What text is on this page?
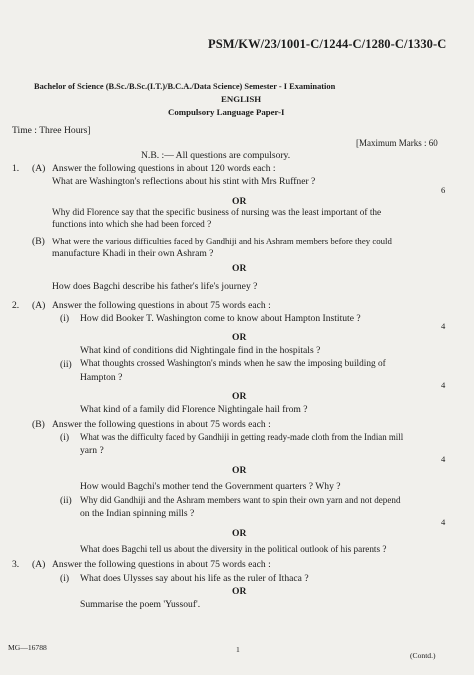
PSM/KW/23/1001-C/1244-C/1280-C/1330-C
Bachelor of Science (B.Sc./B.Sc.(I.T.)/B.C.A./Data Science) Semester - I Examination
ENGLISH
Compulsory Language Paper-I
Time : Three Hours]
[Maximum Marks : 60
N.B. :— All questions are compulsory.
1. (A) Answer the following questions in about 120 words each :
What are Washington's reflections about his stint with Mrs Ruffner ?
6
OR
Why did Florence say that the specific business of nursing was the least important of the
functions into which she had been forced ?
(B) What were the various difficulties faced by Gandhiji and his Ashram members before they could
manufacture Khadi in their own Ashram ?
OR
How does Bagchi describe his father's life's journey ?
2. (A) Answer the following questions in about 75 words each :
(i) How did Booker T. Washington come to know about Hampton Institute ?
4
OR
What kind of conditions did Nightingale find in the hospitals ?
(ii) What thoughts crossed Washington's minds when he saw the imposing building of
Hampton ?
4
OR
What kind of a family did Florence Nightingale hail from ?
(B) Answer the following questions in about 75 words each :
(i) What was the difficulty faced by Gandhiji in getting ready-made cloth from the Indian mill
yarn ?
4
OR
How would Bagchi's mother tend the Government quarters ? Why ?
(ii) Why did Gandhiji and the Ashram members want to spin their own yarn and not depend
on the Indian spinning mills ?
4
OR
What does Bagchi tell us about the diversity in the political outlook of his parents ?
3. (A) Answer the following questions in about 75 words each :
(i) What does Ulysses say about his life as the ruler of Ithaca ?
OR
Summarise the poem 'Yussouf'.
MG—16788	1
(Contd.)
